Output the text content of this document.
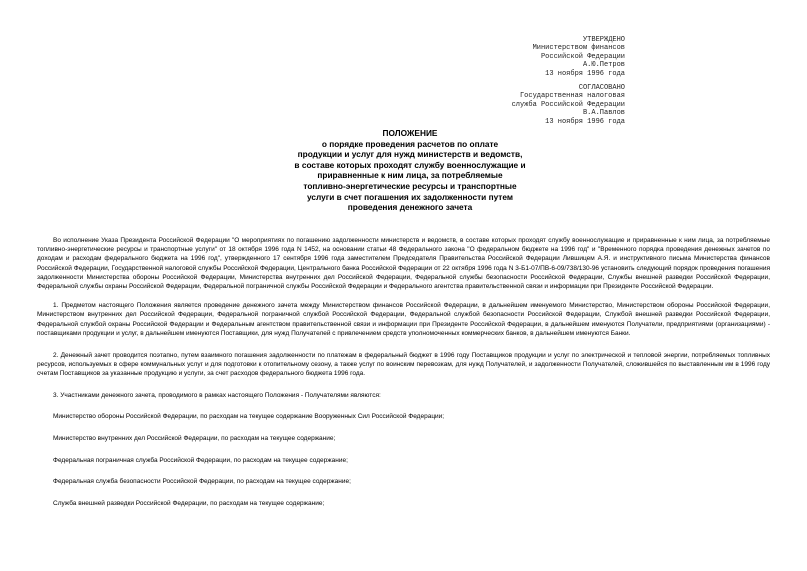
УТВЕРЖДЕНО
Министерством финансов
Российской Федерации
А.Ю.Петров
13 ноября 1996 года
СОГЛАСОВАНО
Государственная налоговая
служба Российской Федерации
В.А.Павлов
13 ноября 1996 года
ПОЛОЖЕНИЕ
о порядке проведения расчетов по оплате
продукции и услуг для нужд министерств и ведомств,
в составе которых проходят службу военнослужащие и
приравненные к ним лица, за потребляемые
топливно-энергетические ресурсы и транспортные
услуги в счет погашения их задолженности путем
проведения денежного зачета

Во исполнение Указа Президента Российской Федерации "О мероприятиях по погашению задолженности министерств и ведомств, в составе которых проходят службу военнослужащие и приравненные к ним лица, за потребляемые топливно-энергетические ресурсы и транспортные услуги" от 18 октября 1996 года N 1452, на основании статьи 48 Федерального закона "О федеральном бюджете на 1996 год" и "Временного порядка проведения денежных зачетов по доходам и расходам федерального бюджета на 1996 год", утвержденного 17 сентября 1996 года заместителем Председателя Правительства Российской Федерации Лившицем А.Я. и инструктивного письма Министерства финансов Российской Федерации, Государственной налоговой службы Российской Федерации, Центрального банка Российской Федерации от 22 октября 1996 года N 3-Б1-07/ПВ-6-09/738/130-96 установить следующий порядок проведения погашения задолженности Министерства обороны Российской Федерации, Министерства внутренних дел Российской Федерации, Федеральной службы безопасности Российской Федерации, Службы внешней разведки Российской Федерации, Федеральной службы охраны Российской Федерации, Федеральной пограничной службы Российской Федерации и Федерального агентства правительственной связи и информации при Президенте Российской Федерации.

1. Предметом настоящего Положения является проведение денежного зачета между Министерством финансов Российской Федерации, в дальнейшем именуемого Министерство, Министерством обороны Российской Федерации, Министерством внутренних дел Российской Федерации, Федеральной пограничной службой Российской Федерации, Федеральной службой безопасности Российской Федерации, Службой внешней разведки Российской Федерации, Федеральной службой охраны Российской Федерации и Федеральным агентством правительственной связи и информации при Президенте Российской Федерации, в дальнейшем именуются Получатели, предприятиями (организациями) - поставщиками продукции и услуг, в дальнейшем именуются Поставщики, для нужд Получателей с привлечением средств уполномоченных коммерческих банков, в дальнейшем именуются Банки.

2. Денежный зачет проводится поэтапно, путем взаимного погашения задолженности по платежам в федеральный бюджет в 1996 году Поставщиков продукции и услуг по электрической и тепловой энергии, потребляемых топливных ресурсов, используемых в сфере коммунальных услуг и для подготовки к отопительному сезону, а также услуг по воинским перевозкам, для нужд Получателей, и задолженности Получателей, сложившейся по выставленным им в 1996 году счетам Поставщиков за указанные продукцию и услуги, за счет расходов федерального бюджета 1996 года.

3. Участниками денежного зачета, проводимого в рамках настоящего Положения - Получателями являются:

Министерство обороны Российской Федерации, по расходам на текущее содержание Вооруженных Сил Российской Федерации;

Министерство внутренних дел Российской Федерации, по расходам на текущее содержание;

Федеральная пограничная служба Российской Федерации, по расходам на текущее содержание;

Федеральная служба безопасности Российской Федерации, по расходам на текущее содержание;

Служба внешней разведки Российской Федерации, по расходам на текущее содержание;
